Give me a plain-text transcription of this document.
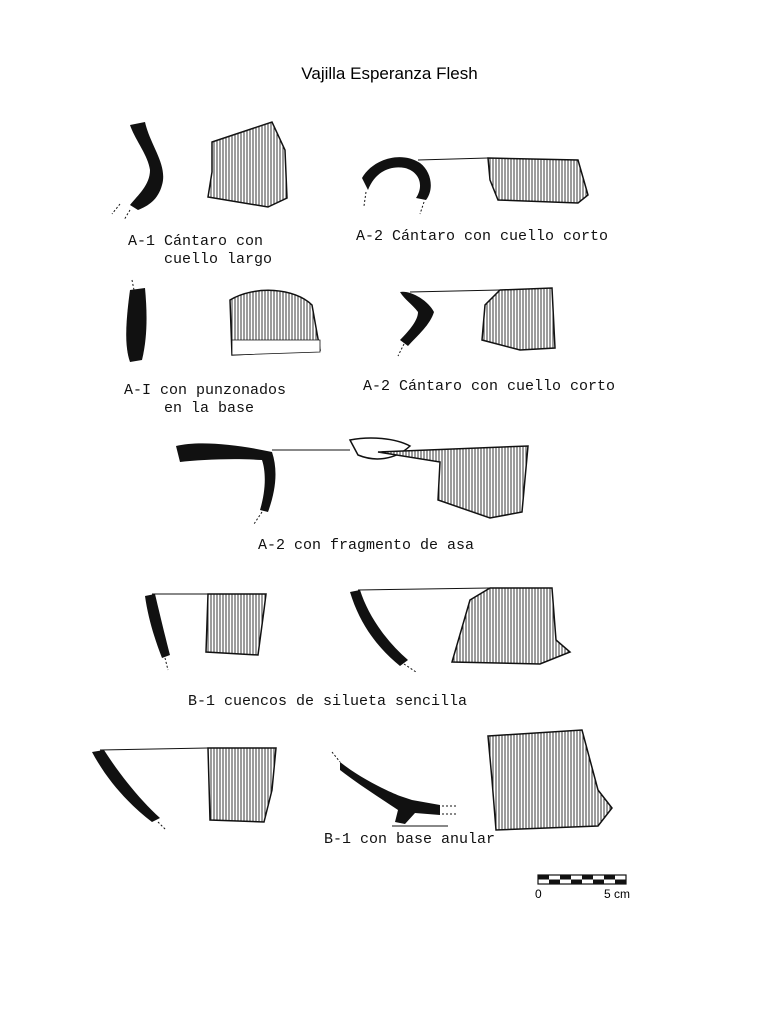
Vajilla Esperanza Flesh
A-1 Cántaro con
cuello largo
A-2 Cántaro con cuello corto
A-I con punzonados
en la base
A-2 Cántaro con cuello corto
A-2 con fragmento de asa
B-1 cuencos de silueta sencilla
B-1 con base anular
0	5 cm
